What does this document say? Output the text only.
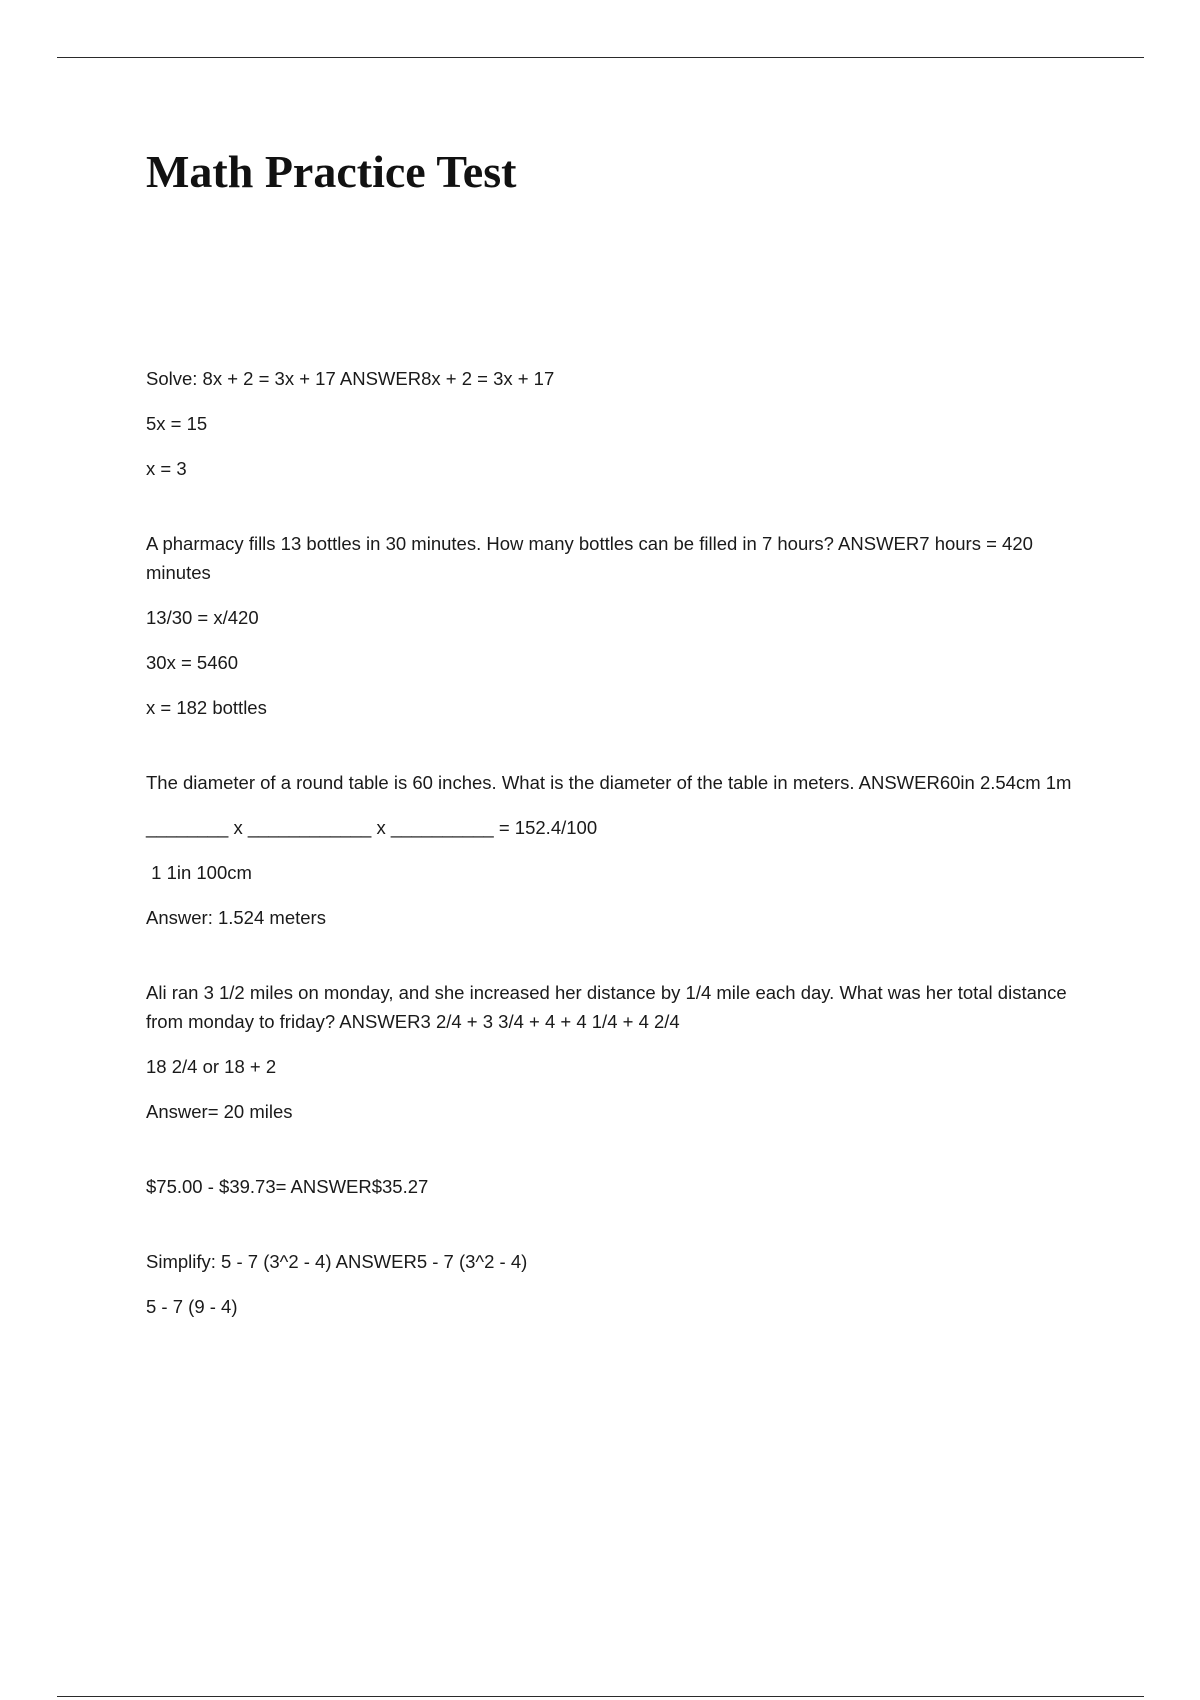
Math Practice Test

Solve: 8x + 2 = 3x + 17 ANSWER8x + 2 = 3x + 17

5x = 15

x = 3

A pharmacy fills 13 bottles in 30 minutes. How many bottles can be filled in 7 hours? ANSWER7 hours = 420 minutes

13/30 = x/420

30x = 5460

x = 182 bottles

The diameter of a round table is 60 inches. What is the diameter of the table in meters. ANSWER60in 2.54cm 1m

________ x ____________ x __________ = 152.4/100

1 1in 100cm

Answer: 1.524 meters

Ali ran 3 1/2 miles on monday, and she increased her distance by 1/4 mile each day. What was her total distance from monday to friday? ANSWER3 2/4 + 3 3/4 + 4 + 4 1/4 + 4 2/4

18 2/4 or 18 + 2

Answer= 20 miles

$75.00 - $39.73= ANSWER$35.27

Simplify: 5 - 7 (3^2 - 4) ANSWER5 - 7 (3^2 - 4)

5 - 7 (9 - 4)
